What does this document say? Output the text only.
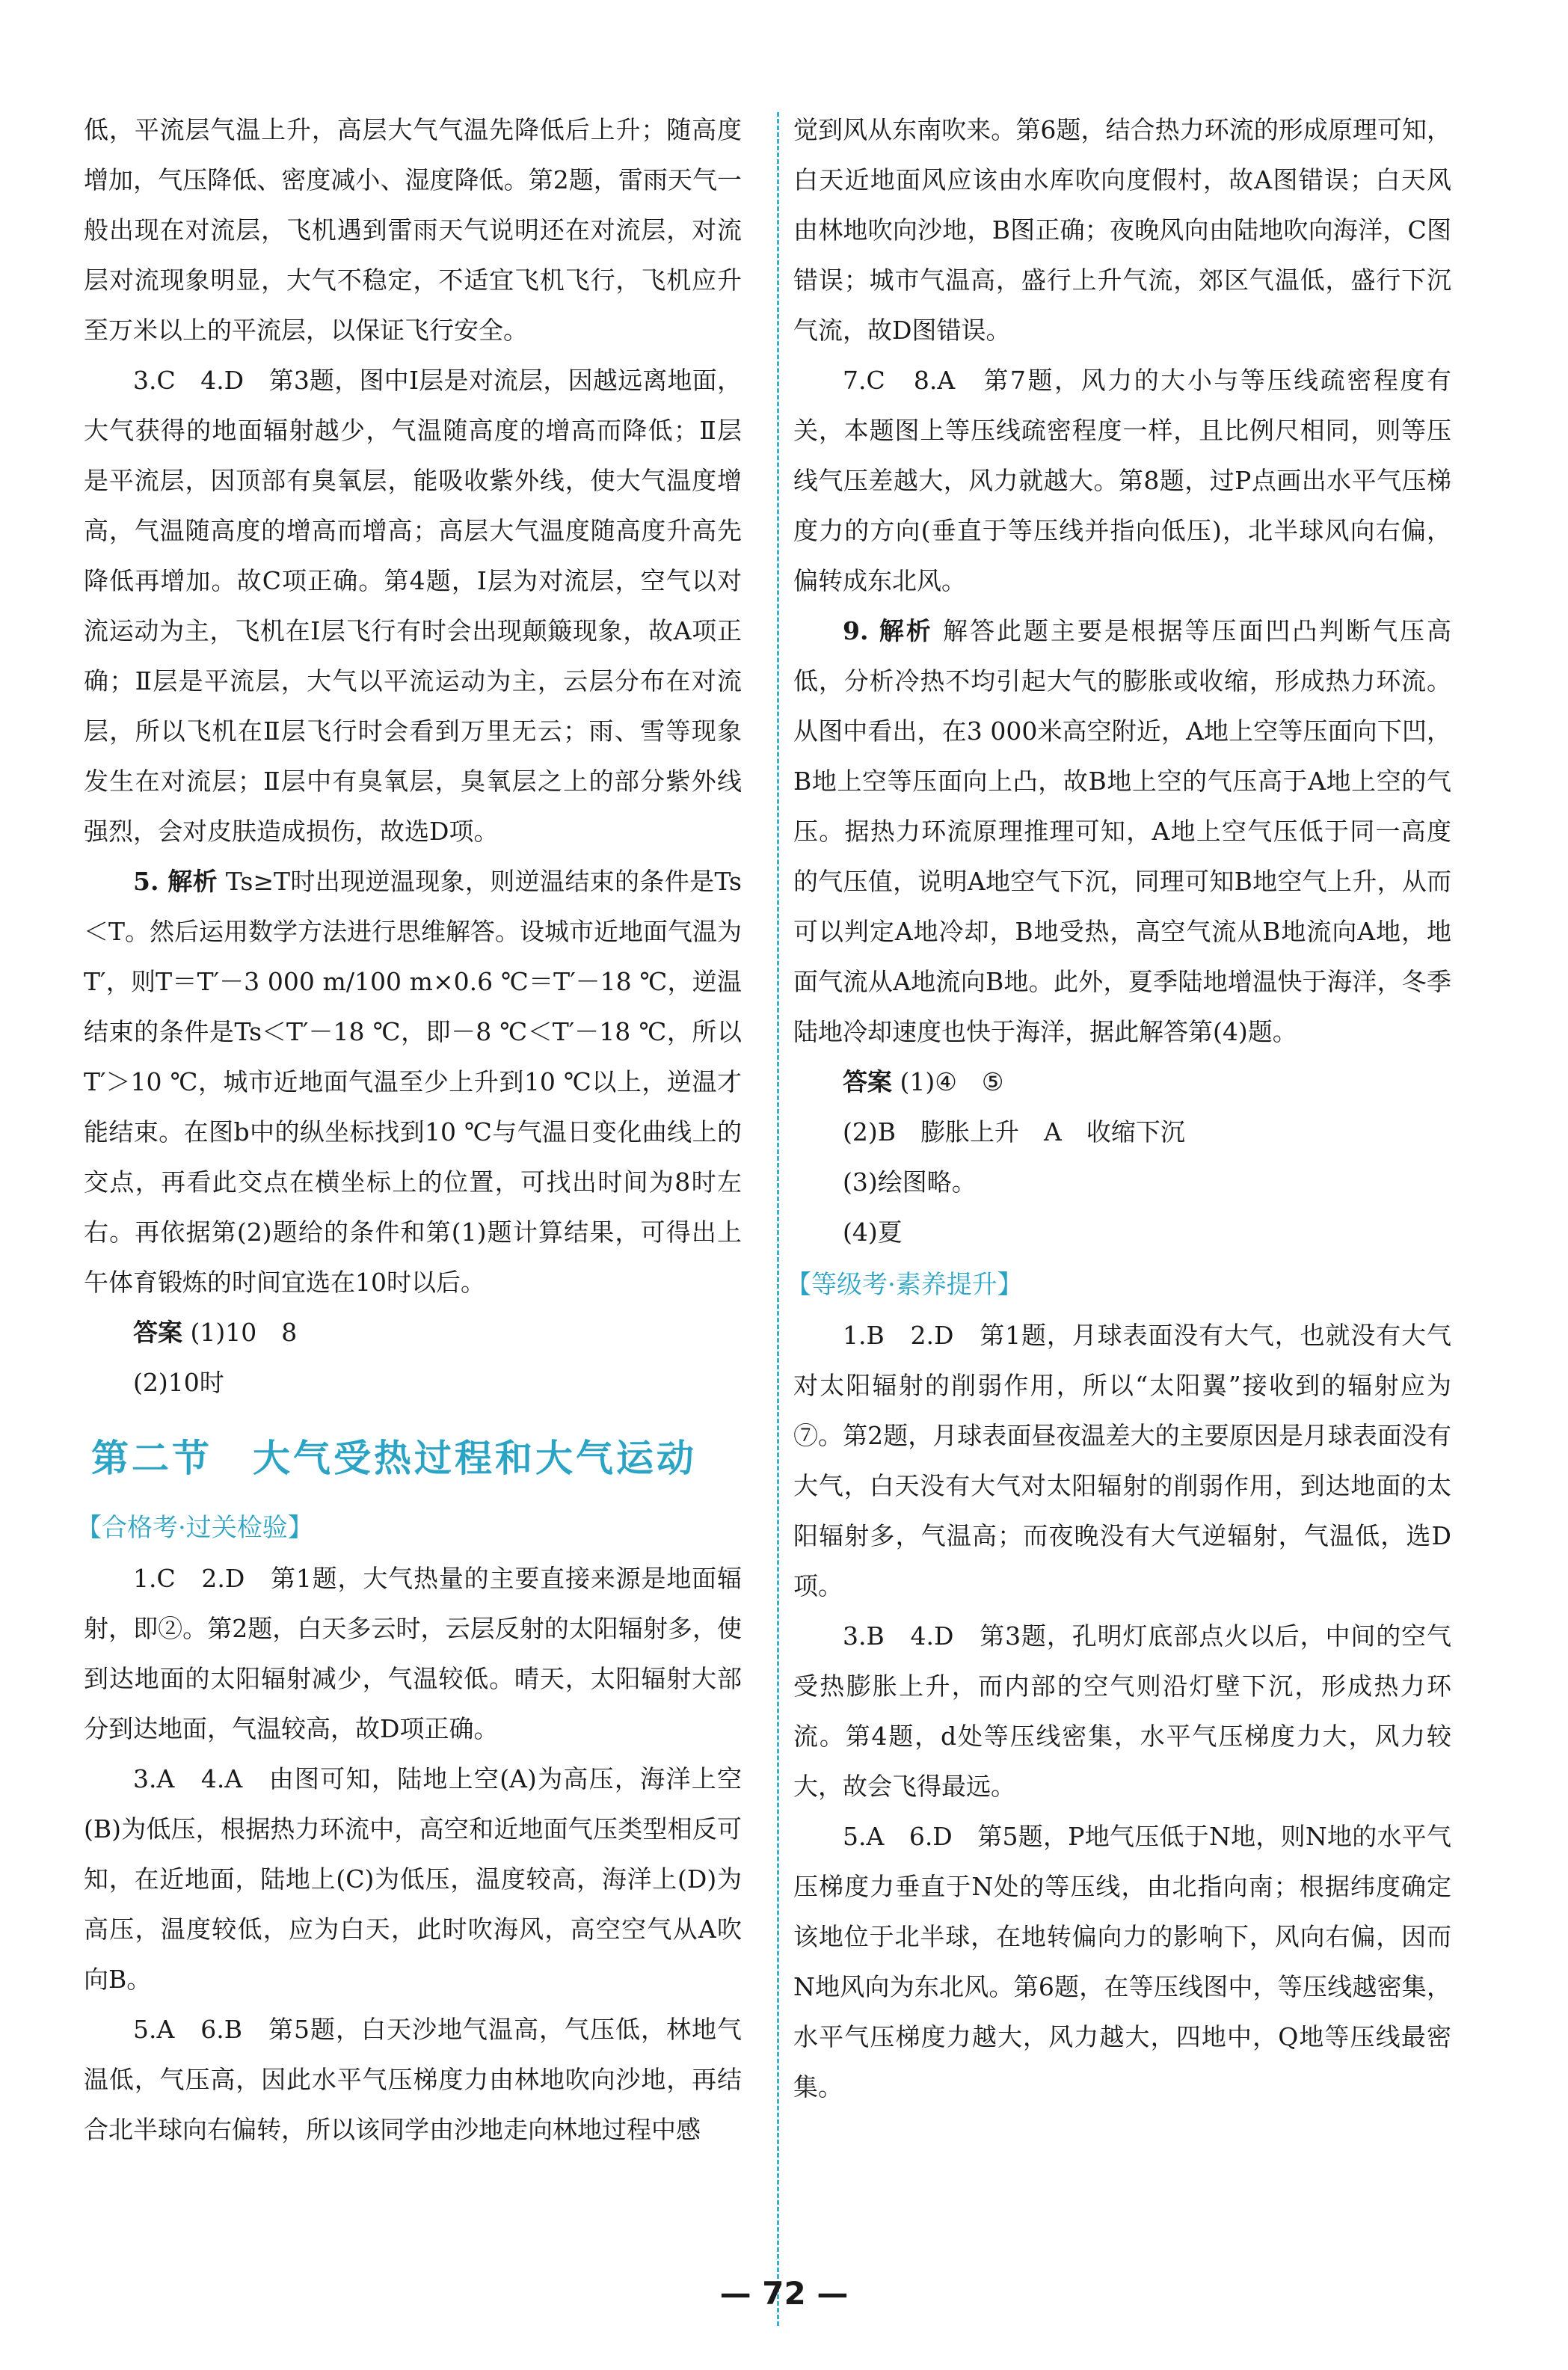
低，平流层气温上升，高层大气气温先降低后上升；随高度增加，气压降低、密度减小、湿度降低。第2题，雷雨天气一般出现在对流层，飞机遇到雷雨天气说明还在对流层，对流层对流现象明显，大气不稳定，不适宜飞机飞行，飞机应升至万米以上的平流层，以保证飞行安全。

3.C　4.D　第3题，图中Ⅰ层是对流层，因越远离地面，大气获得的地面辐射越少，气温随高度的增高而降低；Ⅱ层是平流层，因顶部有臭氧层，能吸收紫外线，使大气温度增高，气温随高度的增高而增高；高层大气温度随高度升高先降低再增加。故C项正确。第4题，Ⅰ层为对流层，空气以对流运动为主，飞机在Ⅰ层飞行有时会出现颠簸现象，故A项正确；Ⅱ层是平流层，大气以平流运动为主，云层分布在对流层，所以飞机在Ⅱ层飞行时会看到万里无云；雨、雪等现象发生在对流层；Ⅱ层中有臭氧层，臭氧层之上的部分紫外线强烈，会对皮肤造成损伤，故选D项。

5. 解析 Ts≥T时出现逆温现象，则逆温结束的条件是Ts＜T。然后运用数学方法进行思维解答。设城市近地面气温为T′，则T＝T′－3 000 m/100 m×0.6 ℃＝T′－18 ℃，逆温结束的条件是Ts＜T′－18 ℃，即－8 ℃＜T′－18 ℃，所以T′＞10 ℃，城市近地面气温至少上升到10 ℃以上，逆温才能结束。在图b中的纵坐标找到10 ℃与气温日变化曲线上的交点，再看此交点在横坐标上的位置，可找出时间为8时左右。再依据第(2)题给的条件和第(1)题计算结果，可得出上午体育锻炼的时间宜选在10时以后。

答案 (1)10　8

(2)10时

第二节　大气受热过程和大气运动
【合格考·过关检验】

1.C　2.D　第1题，大气热量的主要直接来源是地面辐射，即②。第2题，白天多云时，云层反射的太阳辐射多，使到达地面的太阳辐射减少，气温较低。晴天，太阳辐射大部分到达地面，气温较高，故D项正确。

3.A　4.A　由图可知，陆地上空(A)为高压，海洋上空(B)为低压，根据热力环流中，高空和近地面气压类型相反可知，在近地面，陆地上(C)为低压，温度较高，海洋上(D)为高压，温度较低，应为白天，此时吹海风，高空空气从A吹向B。

5.A　6.B　第5题，白天沙地气温高，气压低，林地气温低，气压高，因此水平气压梯度力由林地吹向沙地，再结合北半球向右偏转，所以该同学由沙地走向林地过程中感

觉到风从东南吹来。第6题，结合热力环流的形成原理可知，白天近地面风应该由水库吹向度假村，故A图错误；白天风由林地吹向沙地，B图正确；夜晚风向由陆地吹向海洋，C图错误；城市气温高，盛行上升气流，郊区气温低，盛行下沉气流，故D图错误。

7.C　8.A　第7题，风力的大小与等压线疏密程度有关，本题图上等压线疏密程度一样，且比例尺相同，则等压线气压差越大，风力就越大。第8题，过P点画出水平气压梯度力的方向(垂直于等压线并指向低压)，北半球风向右偏，偏转成东北风。

9. 解析 解答此题主要是根据等压面凹凸判断气压高低，分析冷热不均引起大气的膨胀或收缩，形成热力环流。从图中看出，在3 000米高空附近，A地上空等压面向下凹，B地上空等压面向上凸，故B地上空的气压高于A地上空的气压。据热力环流原理推理可知，A地上空气压低于同一高度的气压值，说明A地空气下沉，同理可知B地空气上升，从而可以判定A地冷却，B地受热，高空气流从B地流向A地，地面气流从A地流向B地。此外，夏季陆地增温快于海洋，冬季陆地冷却速度也快于海洋，据此解答第(4)题。

答案 (1)④　⑤

(2)B　膨胀上升　A　收缩下沉

(3)绘图略。

(4)夏

【等级考·素养提升】

1.B　2.D　第1题，月球表面没有大气，也就没有大气对太阳辐射的削弱作用，所以“太阳翼”接收到的辐射应为⑦。第2题，月球表面昼夜温差大的主要原因是月球表面没有大气，白天没有大气对太阳辐射的削弱作用，到达地面的太阳辐射多，气温高；而夜晚没有大气逆辐射，气温低，选D项。

3.B　4.D　第3题，孔明灯底部点火以后，中间的空气受热膨胀上升，而内部的空气则沿灯壁下沉，形成热力环流。第4题，d处等压线密集，水平气压梯度力大，风力较大，故会飞得最远。

5.A　6.D　第5题，P地气压低于N地，则N地的水平气压梯度力垂直于N处的等压线，由北指向南；根据纬度确定该地位于北半球，在地转偏向力的影响下，风向右偏，因而N地风向为东北风。第6题，在等压线图中，等压线越密集，水平气压梯度力越大，风力越大，四地中，Q地等压线最密集。

— 72 —
